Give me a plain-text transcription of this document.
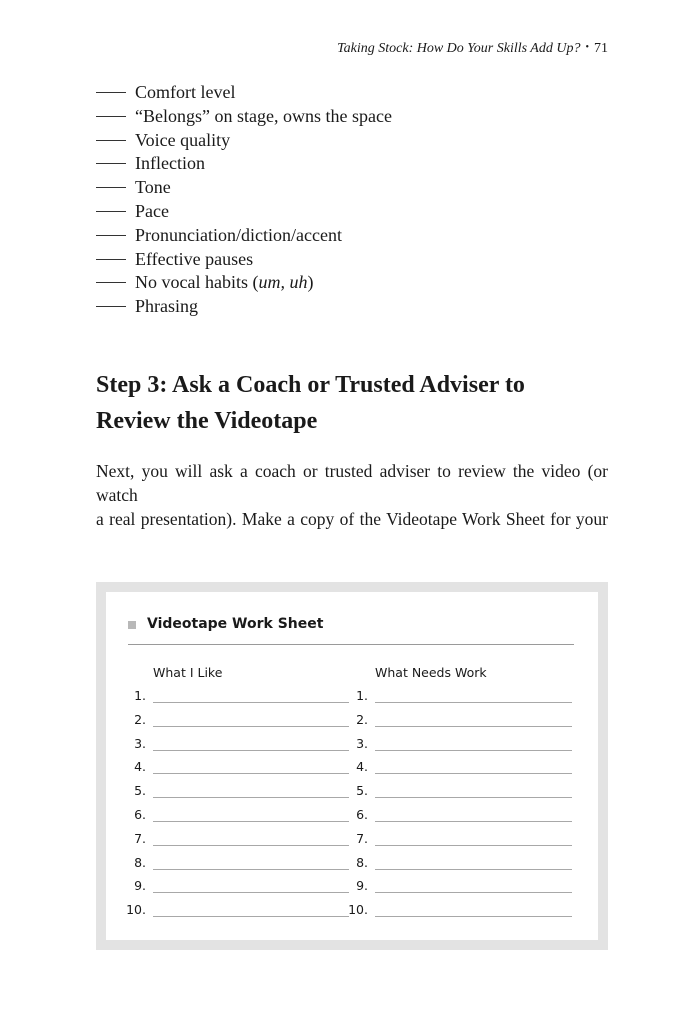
Taking Stock: How Do Your Skills Add Up? • 71
Comfort level
“Belongs” on stage, owns the space
Voice quality
Inflection
Tone
Pace
Pronunciation/diction/accent
Effective pauses
No vocal habits (um, uh)
Phrasing
Step 3: Ask a Coach or Trusted Adviser to
Review the Videotape
Next, you will ask a coach or trusted adviser to review the video (or watch
a real presentation). Make a copy of the Videotape Work Sheet for your
Videotape Work Sheet
What I Like	What Needs Work
1.	1.
2.	2.
3.	3.
4.	4.
5.	5.
6.	6.
7.	7.
8.	8.
9.	9.
10.	10.
